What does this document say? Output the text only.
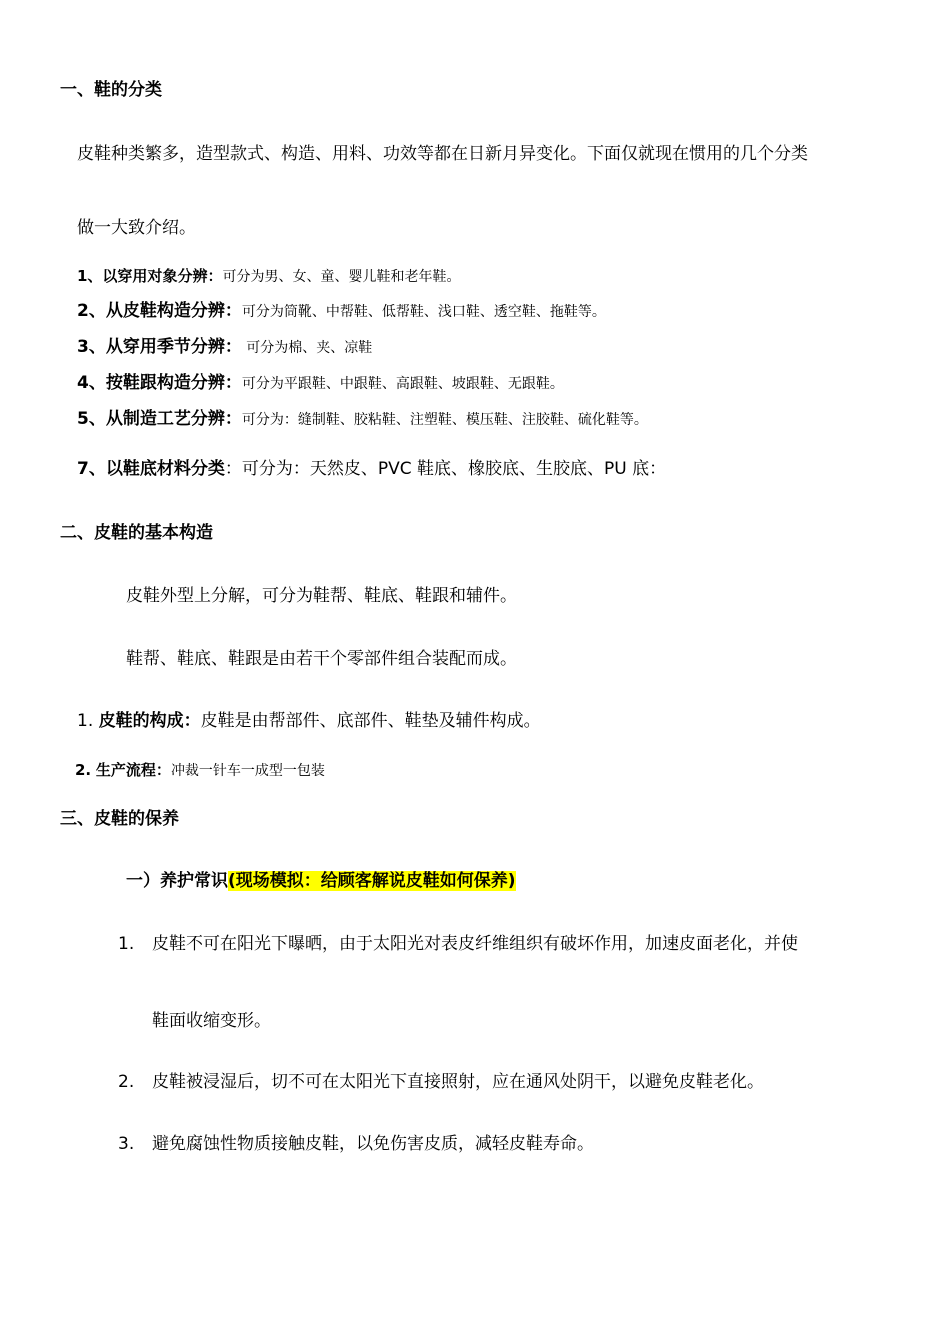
一、鞋的分类
皮鞋种类繁多，造型款式、构造、用料、功效等都在日新月异变化。下面仅就现在惯用的几个分类
做一大致介绍。
1、以穿用对象分辨：可分为男、女、童、婴儿鞋和老年鞋。
2、从皮鞋构造分辨：可分为筒靴、中帮鞋、低帮鞋、浅口鞋、透空鞋、拖鞋等。
3、从穿用季节分辨： 可分为棉、夹、凉鞋
4、按鞋跟构造分辨：可分为平跟鞋、中跟鞋、高跟鞋、坡跟鞋、无跟鞋。
5、从制造工艺分辨：可分为：缝制鞋、胶粘鞋、注塑鞋、模压鞋、注胶鞋、硫化鞋等。
7、以鞋底材料分类：可分为：天然皮、PVC 鞋底、橡胶底、生胶底、PU 底：
二、皮鞋的基本构造
皮鞋外型上分解，可分为鞋帮、鞋底、鞋跟和辅件。
鞋帮、鞋底、鞋跟是由若干个零部件组合装配而成。
1. 皮鞋的构成：皮鞋是由帮部件、底部件、鞋垫及辅件构成。
2. 生产流程：冲裁一针车一成型一包装
三、皮鞋的保养
一）养护常识(现场模拟：给顾客解说皮鞋如何保养)
1. 皮鞋不可在阳光下曝晒，由于太阳光对表皮纤维组织有破坏作用，加速皮面老化，并使
鞋面收缩变形。
2. 皮鞋被浸湿后，切不可在太阳光下直接照射，应在通风处阴干，以避免皮鞋老化。
3. 避免腐蚀性物质接触皮鞋，以免伤害皮质，减轻皮鞋寿命。
